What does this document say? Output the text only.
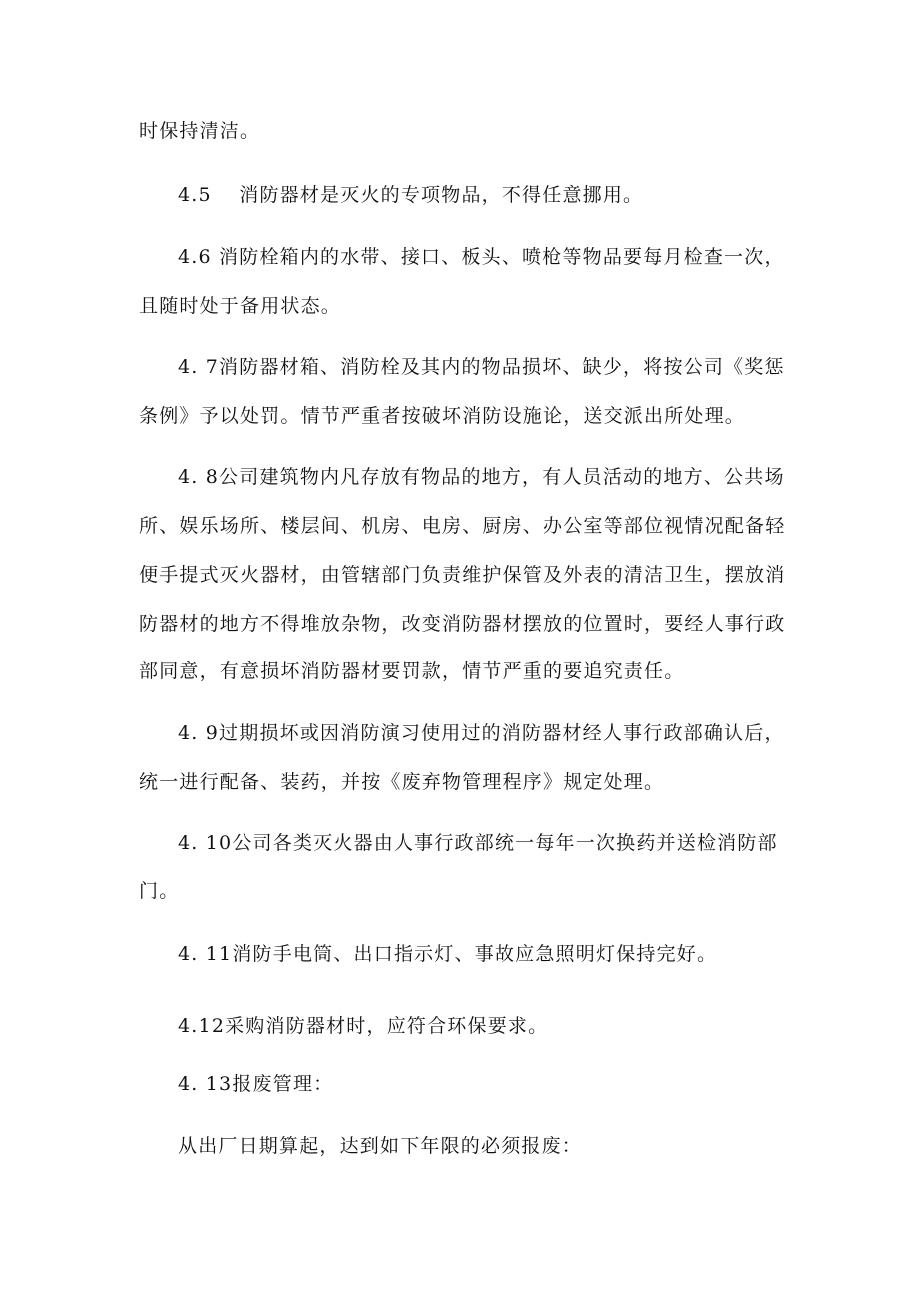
时保持清洁。
4.5　 消防器材是灭火的专项物品，不得任意挪用。
4.6 消防栓箱内的水带、接口、板头、喷枪等物品要每月检查一次，
且随时处于备用状态。
4. 7消防器材箱、消防栓及其内的物品损坏、缺少，将按公司《奖惩
条例》予以处罚。情节严重者按破坏消防设施论，送交派出所处理。
4. 8公司建筑物内凡存放有物品的地方，有人员活动的地方、公共场
所、娱乐场所、楼层间、机房、电房、厨房、办公室等部位视情况配备轻
便手提式灭火器材，由管辖部门负责维护保管及外表的清洁卫生，摆放消
防器材的地方不得堆放杂物，改变消防器材摆放的位置时，要经人事行政
部同意，有意损坏消防器材要罚款，情节严重的要追究责任。
4. 9过期损坏或因消防演习使用过的消防器材经人事行政部确认后，
统一进行配备、装药，并按《废弃物管理程序》规定处理。
4. 10公司各类灭火器由人事行政部统一每年一次换药并送检消防部
门。
4. 11消防手电筒、出口指示灯、事故应急照明灯保持完好。
4.12采购消防器材时，应符合环保要求。
4. 13报废管理：
从出厂日期算起，达到如下年限的必须报废：
